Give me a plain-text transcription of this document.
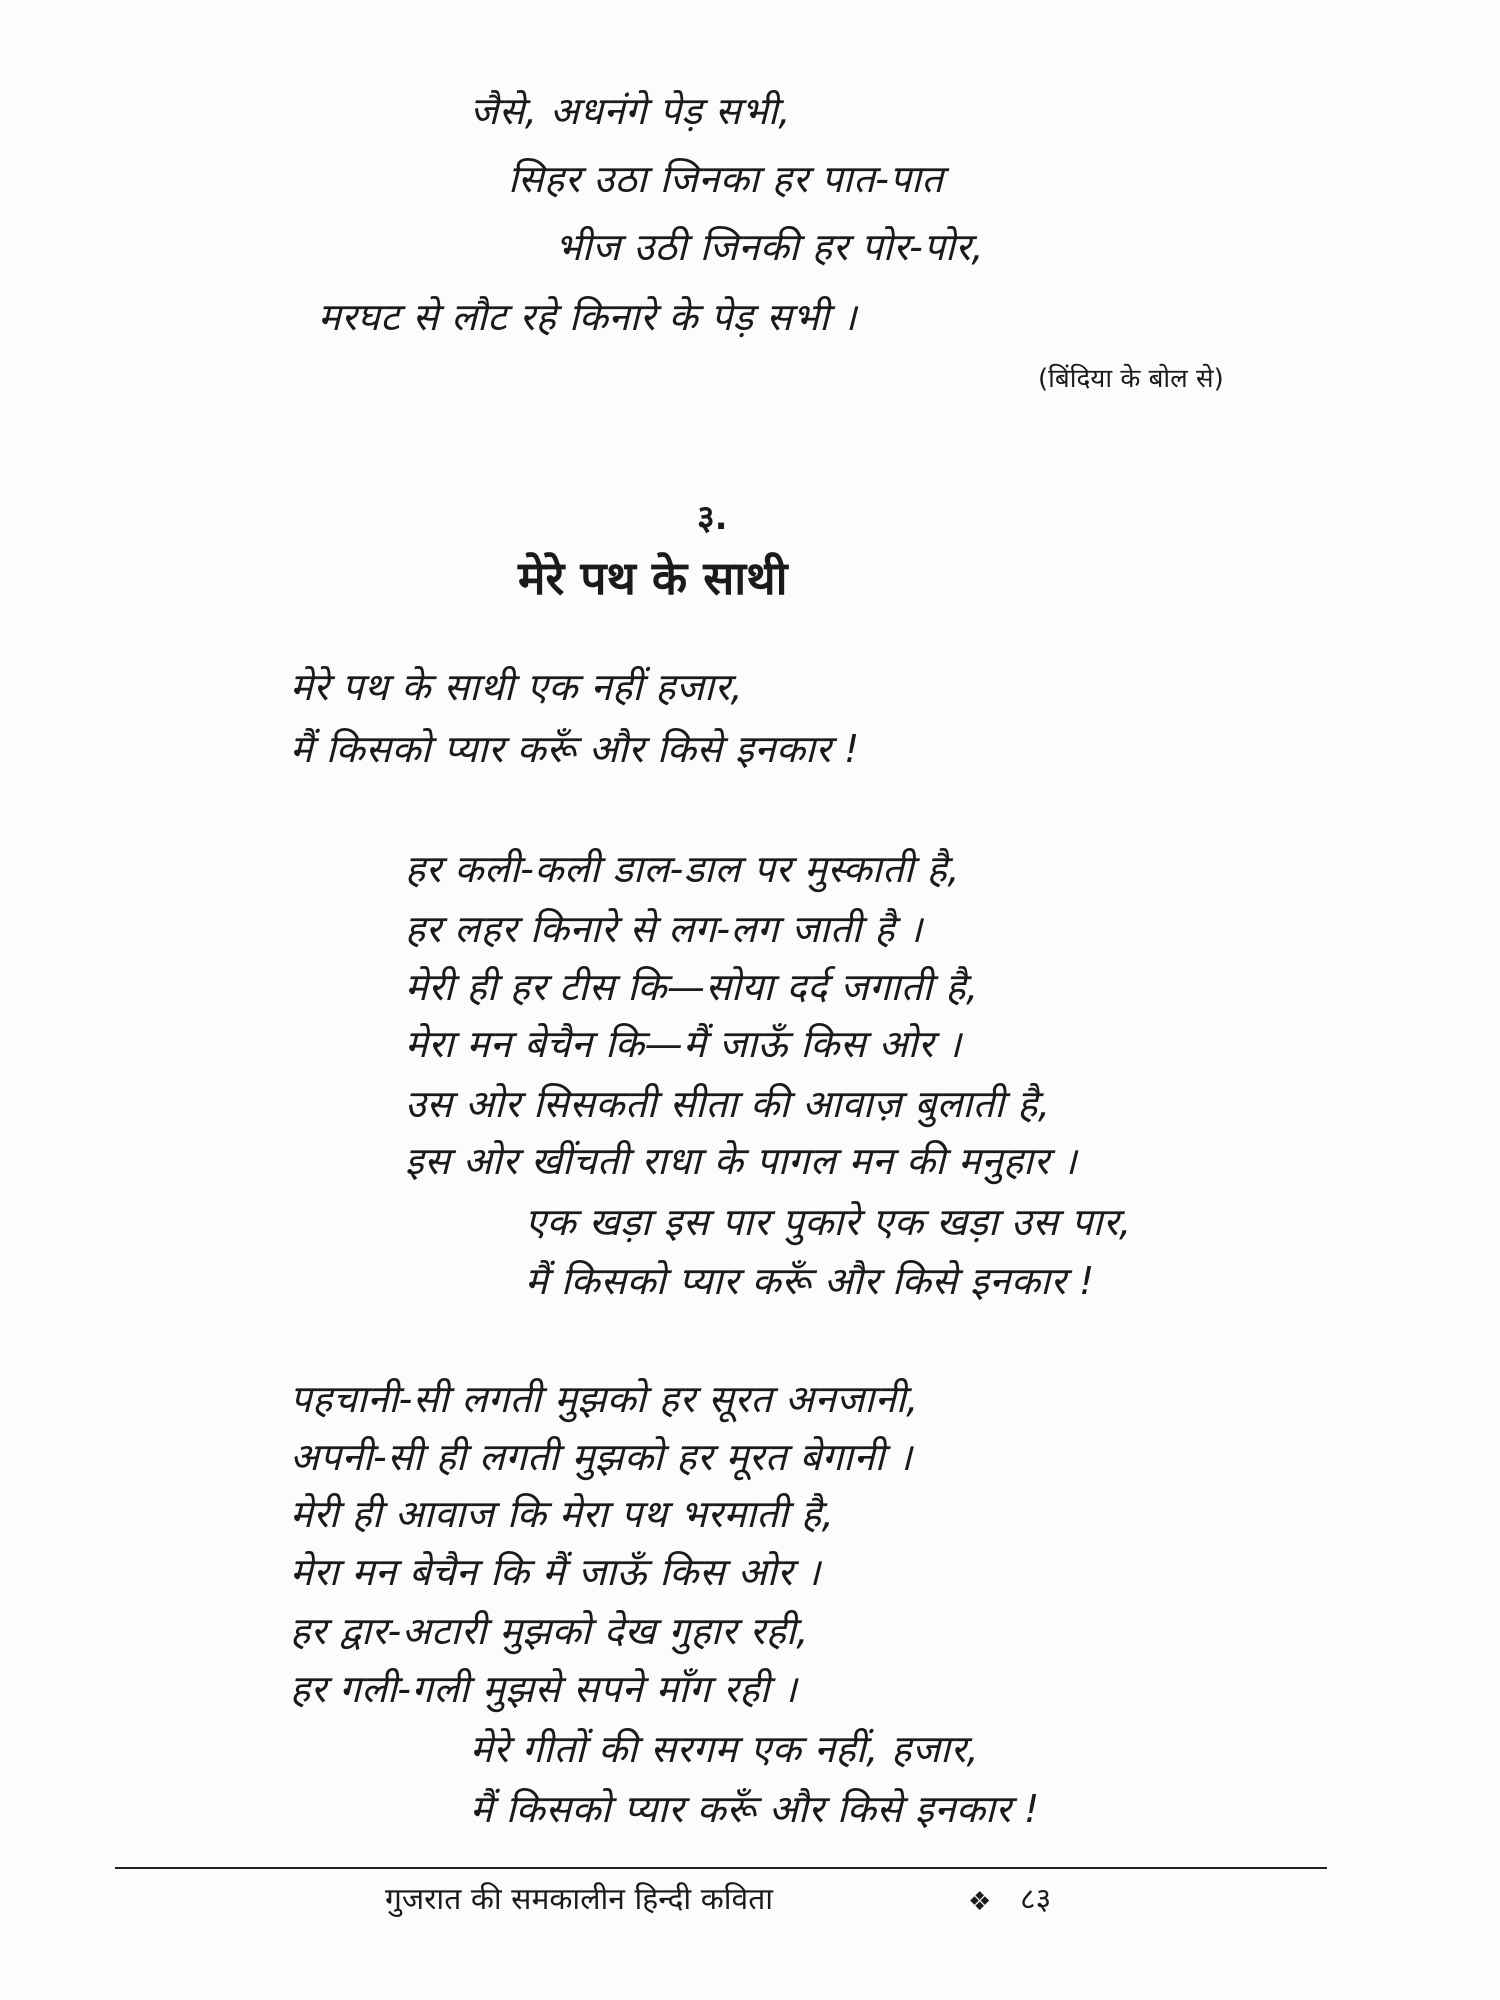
जैसे, अधनंगे पेड़ सभी,
सिहर उठा जिनका हर पात-पात
भीज उठी जिनकी हर पोर-पोर,
मरघट से लौट रहे किनारे के पेड़ सभी ।
(बिंदिया के बोल से)
३.
मेरे पथ के साथी
मेरे पथ के साथी एक नहीं हजार,
मैं किसको प्यार करूँ और किसे इनकार !
हर कली-कली डाल-डाल पर मुस्काती है,
हर लहर किनारे से लग-लग जाती है ।
मेरी ही हर टीस कि—सोया दर्द जगाती है,
मेरा मन बेचैन कि—मैं जाऊँ किस ओर ।
उस ओर सिसकती सीता की आवाज़ बुलाती है,
इस ओर खींचती राधा के पागल मन की मनुहार ।
एक खड़ा इस पार पुकारे एक खड़ा उस पार,
मैं किसको प्यार करूँ और किसे इनकार !
पहचानी-सी लगती मुझको हर सूरत अनजानी,
अपनी-सी ही लगती मुझको हर मूरत बेगानी ।
मेरी ही आवाज कि मेरा पथ भरमाती है,
मेरा मन बेचैन कि मैं जाऊँ किस ओर ।
हर द्वार-अटारी मुझको देख गुहार रही,
हर गली-गली मुझसे सपने माँग रही ।
मेरे गीतों की सरगम एक नहीं, हजार,
मैं किसको प्यार करूँ और किसे इनकार !
गुजरात की समकालीन हिन्दी कविता	❖ ८३
